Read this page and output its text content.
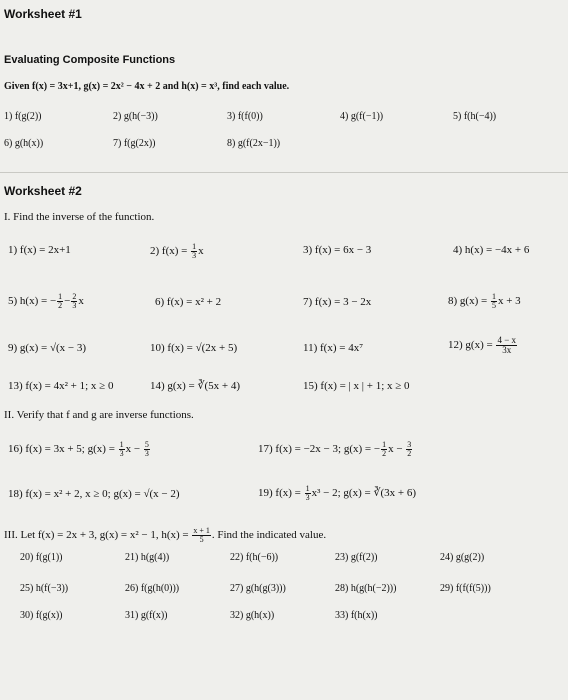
Worksheet #1
Evaluating Composite Functions
Given f(x) = 3x+1, g(x) = 2x² − 4x + 2 and h(x) = x³, find each value.
1) f(g(2))	2) g(h(−3))	3) f(f(0))	4) g(f(−1))	5) f(h(−4))
6) g(h(x))	7) f(g(2x))	8) g(f(2x−1))
Worksheet #2
I. Find the inverse of the function.
1) f(x) = 2x+1	2) $f(x) = \frac{1}{3}$ x	3) f(x) = 6x − 3	4) h(x) = −4x + 6
5) h(x) = − $\frac{1}{2} - \frac{2}{3}$ x	6) f(x) = x² + 2	7) f(x) = 3 − 2x	8) $g(x) = \frac{1}{5}$ x + 3
9) g(x) = √(x − 3)	10) f(x) = √(2x + 5)	11) f(x) = 4x⁷	12) $g(x) = \frac{4 - x}{3x}$
13) f(x) = 4x² + 1; x ≥ 0	14) g(x) = ∛(5x + 4)	15) f(x) = | x | + 1; x ≥ 0
II. Verify that f and g are inverse functions.
16) f(x) = 3x + 5; $g(x) = \frac{1}{3}$ $x - \frac{5}{3}$	17) f(x) = −2x − 3; g(x) = − $\frac{1}{2}$ $x - \frac{3}{2}$
18) f(x) = x² + 2, x ≥ 0; g(x) = √(x − 2)	19) $f(x) = \frac{1}{3} x^3 - 2$; g(x) = ∛(3x + 6)
III. Let f(x) = 2x + 3, g(x) = x² − 1, $h(x) = \frac{x + 1}{5}$ . Find the indicated value.
20) f(g(1))	21) h(g(4))	22) f(h(−6))	23) g(f(2))	24) g(g(2))
25) h(f(−3))	26) f(g(h(0)))	27) g(h(g(3)))	28) h(g(h(−2)))	29) f(f(f(5)))
30) f(g(x))	31) g(f(x))	32) g(h(x))	33) f(h(x))
